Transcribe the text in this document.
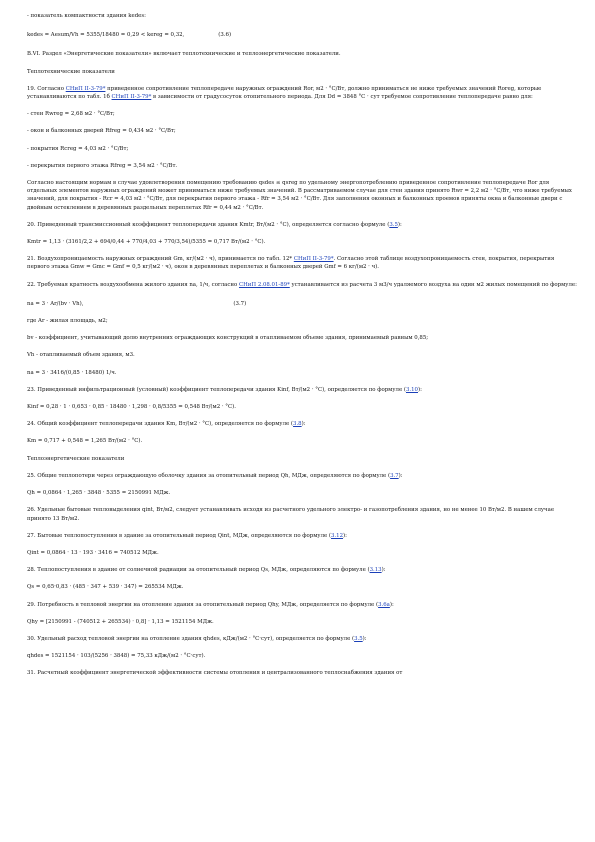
- показатель компактности здания kedes:

kedes = Aesum/Vh = 5355/18480 = 0,29 < kereg = 0,32,	(3.6)

B.VI. Раздел «Энергетические показатели» включает теплотехнические и теплоэнергетические показатели.

Теплотехнические показатели

19. Согласно СНиП II-3-79* приведенное сопротивление теплопередаче наружных ограждений Ror, м2 · °C/Вт, должно приниматься не ниже требуемых значений Roreg, которые устанавливаются по табл. 1б СНиП II-3-79* в зависимости от градусосуток отопительного периода. Для Dd = 3848 °C · сут требуемое сопротивление теплопередаче равно для:

- стен Rwreg = 2,68 м2 · °C/Вт;

- окон и балконных дверей Rfreg = 0,434 м2 · °C/Вт;

- покрытия Rcreg = 4,03 м2 · °C/Вт;

- перекрытия первого этажа Rfreg = 3,54 м2 · °C/Вт.

Согласно настоящим нормам в случае удовлетворения помещению требованию qsdes ≤ qsreg по удельному энергопотреблению приведенное сопротивление теплопередаче Ror для отдельных элементов наружных ограждений может приниматься ниже требуемых значений. В рассматриваемом случае для стен здания принято Rwr = 2,2 м2 · °C/Вт, что ниже требуемых значений, для покрытия - Rcr = 4,03 м2 · °C/Вт, для перекрытия первого этажа - Rfr = 3,54 м2 · °C/Вт. Для заполнения оконных и балконных проемов приняты окна и балконные двери с двойным остеклением в деревянных раздельных переплетах Rfr = 0,44 м2 · °C/Вт.

20. Приведенный трансмиссионный коэффициент теплопередачи здания Kmtr, Вт/(м2 · °C), определяется согласно формуле (3.5):

Kmtr = 1,13 · (3161/2,2 + 694/0,44 + 770/4,03 + 770/3,54)/5355 = 0,717 Вт/(м2 · °C).

21. Воздухопроницаемость наружных ограждений Gm, кг/(м2 · ч), принимается по табл. 12* СНиП II-3-79*. Согласно этой таблице воздухопроницаемость стен, покрытия, перекрытия первого этажа Gmw = Gmc = Gmf = 0,5 кг/(м2 · ч), окон в деревянных переплетах и балконных дверей Gmf = 6 кг/(м2 · ч).

22. Требуемая кратность воздухообмена жилого здания na, 1/ч, согласно СНиП 2.08.01-89* устанавливается из расчета 3 м3/ч удаляемого воздуха на один м2 жилых помещений по формуле:

na = 3 · Ar/(bv · Vh),	(3.7)

где Ar - жилая площадь, м2;

bv - коэффициент, учитывающий долю внутренних ограждающих конструкций в отапливаемом объеме здания, принимаемый равным 0,85;

Vh - отапливаемый объем здания, м3.

na = 3 · 3416/(0,85 · 18480) 1/ч.

23. Приведенный инфильтрационный (условный) коэффициент теплопередачи здания Kinf, Вт/(м2 · °C), определяется по формуле (3.10):

Kinf = 0,28 · 1 · 0,653 · 0,85 · 18480 · 1,298 · 0,8/5355 = 0,548 Вт/(м2 · °C).

24. Общий коэффициент теплопередачи здания Km, Вт/(м2 · °C), определяется по формуле (3.8):

Km = 0,717 + 0,548 = 1,265 Вт/(м2 · °C).

Теплоэнергетические показатели

25. Общие теплопотери через ограждающую оболочку здания за отопительный период Qh, МДж, определяются по формуле (3.7):

Qh = 0,0864 · 1,265 · 3848 · 5355 = 2150991 МДж.

26. Удельные бытовые тепловыделения qint, Вт/м2, следует устанавливать исходя из расчетного удельного электро- и газопотребления здания, но не менее 10 Вт/м2. В нашем случае принято 13 Вт/м2.

27. Бытовые теплопоступления в здание за отопительный период Qint, МДж, определяются по формуле (3.12):

Qint = 0,0864 · 13 · 193 · 3416 = 740512 МДж.

28. Теплопоступления в здание от солнечной радиации за отопительный период Qs, МДж, определяются по формуле (3.13):

Qs = 0,65·0,83 · (485 · 347 + 539 · 347) = 265534 МДж.

29. Потребность в тепловой энергии на отопление здания за отопительный период Qhy, МДж, определяется по формуле (3.6a):

Qhy = [2150991 - (740512 + 265534) · 0,8] · 1,13 = 1521154 МДж.

30. Удельный расход тепловой энергии на отопление здания qhdes, кДж/(м2 · °C·сут), определяется по формуле (3.5):

qhdes = 1521154 · 103/(5256 · 3848) = 75,33 кДж/(м2 · °C·сут).

31. Расчетный коэффициент энергетической эффективности системы отопления и централизованного теплоснабжения здания от
